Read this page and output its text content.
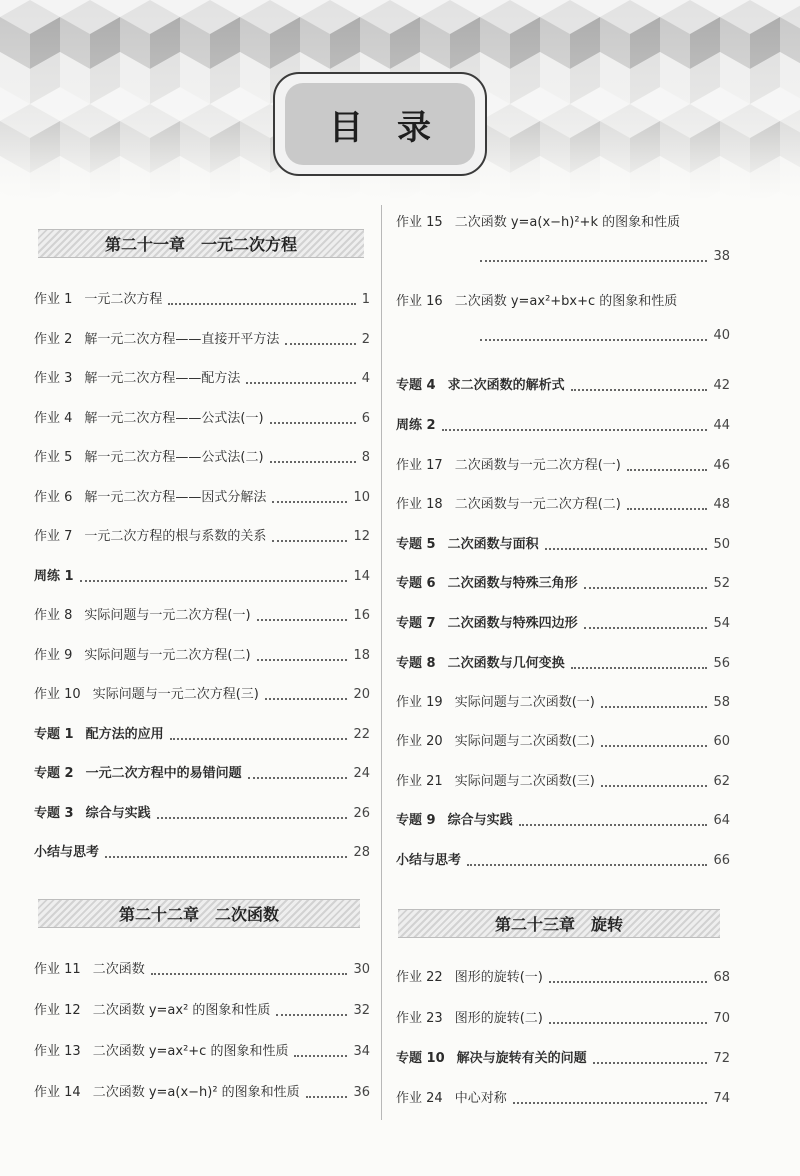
目录
第二十一章　一元二次方程
第二十二章　二次函数
作业 1 一元二次方程	1
作业 2 解一元二次方程——直接开平方法	2
作业 3 解一元二次方程——配方法	4
作业 4 解一元二次方程——公式法(一)	6
作业 5 解一元二次方程——公式法(二)	8
作业 6 解一元二次方程——因式分解法	10
作业 7 一元二次方程的根与系数的关系	12
周练 1	14
作业 8 实际问题与一元二次方程(一)	16
作业 9 实际问题与一元二次方程(二)	18
作业 10 实际问题与一元二次方程(三)	20
专题 1 配方法的应用	22
专题 2 一元二次方程中的易错问题	24
专题 3 综合与实践	26
小结与思考	28
作业 11 二次函数	30
作业 12 二次函数 y=ax² 的图象和性质	32
作业 13 二次函数 y=ax²+c 的图象和性质	34
作业 14 二次函数 y=a(x−h)² 的图象和性质	36
第二十三章　旋转
作业 15 二次函数 y=a(x−h)²+k 的图象和性质
38
作业 16 二次函数 y=ax²+bx+c 的图象和性质
40
专题 4 求二次函数的解析式	42
周练 2	44
作业 17 二次函数与一元二次方程(一)	46
作业 18 二次函数与一元二次方程(二)	48
专题 5 二次函数与面积	50
专题 6 二次函数与特殊三角形	52
专题 7 二次函数与特殊四边形	54
专题 8 二次函数与几何变换	56
作业 19 实际问题与二次函数(一)	58
作业 20 实际问题与二次函数(二)	60
作业 21 实际问题与二次函数(三)	62
专题 9 综合与实践	64
小结与思考	66
作业 22 图形的旋转(一)	68
作业 23 图形的旋转(二)	70
专题 10 解决与旋转有关的问题	72
作业 24 中心对称	74
